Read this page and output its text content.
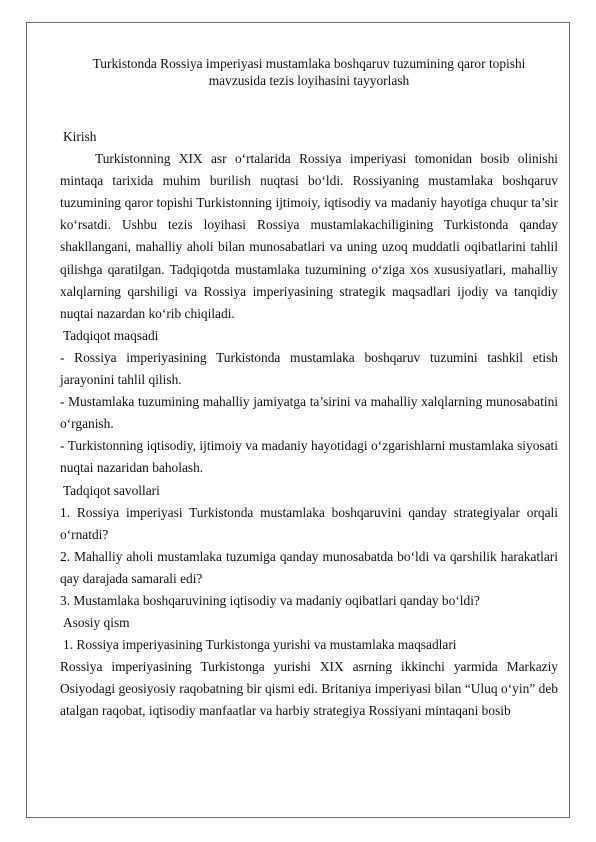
Turkistonda Rossiya imperiyasi mustamlaka boshqaruv tuzumining qaror topishi
mavzusida tezis loyihasini tayyorlash
Kirish

Turkistonning XIX asr o‘rtalarida Rossiya imperiyasi tomonidan bosib olinishi mintaqa tarixida muhim burilish nuqtasi bo‘ldi. Rossiyaning mustamlaka boshqaruv tuzumining qaror topishi Turkistonning ijtimoiy, iqtisodiy va madaniy hayotiga chuqur ta’sir ko‘rsatdi. Ushbu tezis loyihasi Rossiya mustamlakachiligining Turkistonda qanday shakllangani, mahalliy aholi bilan munosabatlari va uning uzoq muddatli oqibatlarini tahlil qilishga qaratilgan. Tadqiqotda mustamlaka tuzumining o‘ziga xos xususiyatlari, mahalliy xalqlarning qarshiligi va Rossiya imperiyasining strategik maqsadlari ijodiy va tanqidiy nuqtai nazardan ko‘rib chiqiladi.

Tadqiqot maqsadi

- Rossiya imperiyasining Turkistonda mustamlaka boshqaruv tuzumini tashkil etish jarayonini tahlil qilish.

- Mustamlaka tuzumining mahalliy jamiyatga ta’sirini va mahalliy xalqlarning munosabatini o‘rganish.

- Turkistonning iqtisodiy, ijtimoiy va madaniy hayotidagi o‘zgarishlarni mustamlaka siyosati nuqtai nazaridan baholash.

Tadqiqot savollari

1. Rossiya imperiyasi Turkistonda mustamlaka boshqaruvini qanday strategiyalar orqali o‘rnatdi?

2. Mahalliy aholi mustamlaka tuzumiga qanday munosabatda bo‘ldi va qarshilik harakatlari qay darajada samarali edi?

3. Mustamlaka boshqaruvining iqtisodiy va madaniy oqibatlari qanday bo‘ldi?

Asosiy qism
1. Rossiya imperiyasining Turkistonga yurishi va mustamlaka maqsadlari

Rossiya imperiyasining Turkistonga yurishi XIX asrning ikkinchi yarmida Markaziy Osiyodagi geosiyosiy raqobatning bir qismi edi. Britaniya imperiyasi bilan “Uluq o‘yin” deb atalgan raqobat, iqtisodiy manfaatlar va harbiy strategiya Rossiyani mintaqani bosib
